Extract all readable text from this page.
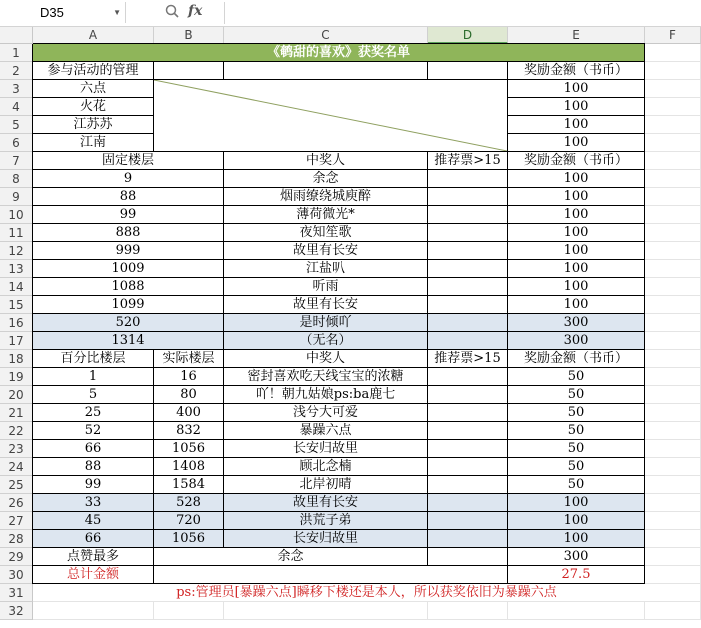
D35	▼	fx
A	B	C	D	E	F
1
2
3
4
5
6
7
8
9
10
11
12
13
14
15
16
17
18
19
20
21
22
23
24
25
26
27
28
29
30
31
32
《鹌甜的喜欢》获奖名单
参与活动的管理	奖励金额（书币）
六点	100
火花	100
江苏苏	100
江南	100
固定楼层	中奖人	推荐票>15	奖励金额（书币）
9	余念	100
88	烟雨缭绕城庾醉	100
99	薄荷微光*	100
888	夜知笙歌	100
999	故里有长安	100
1009	江盐叭	100
1088	听雨	100
1099	故里有长安	100
520	是时倾吖	300
1314	（无名）	300
百分比楼层	实际楼层	中奖人	推荐票>15	奖励金额（书币）
1	16	密封喜欢吃天线宝宝的浓糖	50
5	80	吖！朝九姑娘ps:ba鹿七	50
25	400	浅兮大可爱	50
52	832	暴躁六点	50
66	1056	长安归故里	50
88	1408	顾北念楠	50
99	1584	北岸初晴	50
33	528	故里有长安	100
45	720	洪荒子弟	100
66	1056	长安归故里	100
点赞最多	余念	300
总计金额	27.5
ps:管理员[暴躁六点]瞬移下楼还是本人，所以获奖依旧为暴躁六点
